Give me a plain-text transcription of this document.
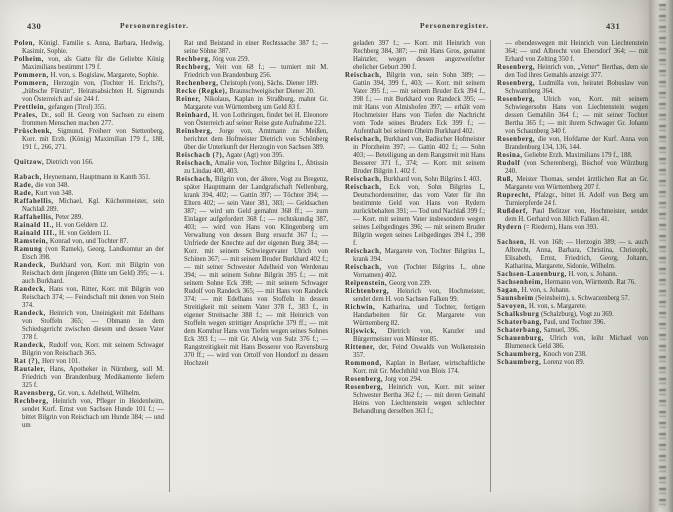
430	Personenregister.	Personenregister.	431
Polen, Königl. Familie s. Anna, Barbara, Hedwig, Kasimir, Sophie.
Polheim, von, als Gatte für die Geliebte König Maximilians bestimmt 179 f.
Pommern, H. von, s. Bogislaw, Margarete, Sophie.
Pommern, Herzogin von, (Tochter H. Erichs?), „hübsche Fürstin“, Heiratsabsichten H. Sigmunds von Österreich auf sie 244 f.
Prettlein, gefangen (Tirol) 355.
Prales, Dr., soll H. Georg von Sachsen zu einem frommen Menschen machen 277.
Prüschenk, Sigmund, Freiherr von Stettenberg, Korr. mit Erzh. (König) Maximilian 179 f., 188, 191 f., 266, 271.
Quitzow, Dietrich von 166.
Rabach, Heynemann, Hauptmann in Kanth 351.
Rade, die von 348.
Rade, Kurt von 348.
Raffahellis, Michael, Kgl. Küchenmeister, sein Nachlaß 289.
Raffahellis, Peter 289.
Rainald II., H. von Geldern 12.
Rainald III., H. von Geldern 11.
Ramstein, Konrad von, und Tochter 87.
Ramung (von Ramek), Georg, Landkomtur an der Etsch 398.
Randeck, Burkhard von, Korr. mit Bilgrin von Reischach dem jüngeren (Bitte um Geld) 395; — s. auch Burkhard.
Randeck, Hans von, Ritter, Korr. mit Bilgrin von Reischach 374; — Feindschaft mit denen von Stein 374.
Randeck, Heinrich von, Uneinigkeit mit Edelhans von Stoffeln 365; — Obmann in dem Schiedsgericht zwischen diesem und dessen Vater 378 f.
Randeck, Rudolf von, Korr. mit seinem Schwager Bilgrin von Reischach 365.
Rat (?), Herr von 101.
Rautaler, Hans, Apotheker in Nürnberg, soll M. Friedrich von Brandenburg Medikamente liefern 325 f.
Ravensberg, Gr. von, s. Adelheid, Wilhelm.
Rechberg, Heinrich von, Pfleger in Heidenheim, sendet Kurf. Ernst von Sachsen Hunde 101 f.; — bittet Bilgrin von Reischach um Hunde 384; — und um
Rat und Beistand in einer Rechtssache 387 f.; — seine Söhne 387.
Rechberg, Jörg von 259.
Rechberg, Veit von 68 f.; — turniert mit M. Friedrich von Brandenburg 256.
Rechenberg, Christoph (von), Sächs. Diener 189.
Recke (Regke), Braunschweigischer Diener 20.
Reiner, Nikolaus, Kaplan in Straßburg, mahnt Gr. Margarete von Württemberg um Geld 83 f.
Reinhard, H. von Lothringen, findet bei H. Eleonore von Österreich auf seiner Reise gute Aufnahme 221.
Reinsberg, Jorge von, Amtmann zu Meißen, berichtet dem Hofmeister Dietrich von Schönberg über die Unterkunft der Herzogin von Sachsen 389.
Reischach (?), Agate (Agt) von 395.
Reischach, Amalie von, Tochter Bilgrins I., Äbtissin zu Lindau 400, 403.
Reischach, Bilgrin von, der ältere, Vogt zu Bregenz, später Hauptmann der Landgrafschaft Nellenburg, krank 394, 402; — Gattin 397; — Töchter 394; — Eltern 402; — sein Vater 381, 383; — Geldsachen 387; — wird um Geld gemahnt 368 ff.; — zum Einlager aufgefordert 368 f.; — rechtskundig 387, 403; — wird von Hans von Klingenberg um Verwaltung von dessen Burg ersucht 367 f.; — Unfriede der Knechte auf der eigenen Burg 384; — Korr. mit seinem Schwiegervater Ulrich von Schinen 367; — mit seinem Bruder Burkhard 402 f.; — mit seiner Schwester Adelheid von Werdenau 394; — mit seinem Sohne Bilgrin 395 f.; — mit seinem Sohne Eck 398; — mit seinem Schwager Rudolf von Randeck 365; — mit Hans von Randeck 374; — mit Edelhans von Stoffeln in dessen Streitigkeit mit seinem Vater 378 f., 383 f., in eigener Streitsache 388 f.; — mit Heinrich von Stoffeln wegen strittiger Ansprüche 379 ff.; — mit dem Komthur Hans von Tiefen wegen seines Sohnes Eck 393 f.; — mit Gr. Alwig von Sulz 376 f.; — Rangstreitigkeit mit Hans Besserer von Ravensburg 370 ff.; — wird von Ortolf von Hondorf zu dessen Hochzeit
geladen 397 f.; — Korr. mit Heinrich von Rechberg 384, 387; — mit Hans Gros, genannt Hainzler, wegen dessen angezweifelter ehelicher Geburt 390 f.
Reischach, Bilgrin von, sein Sohn 389; — Gattin 394, 399 f., 403; — Korr. mit seinem Vater 395 f.; — mit seinem Bruder Eck 394 f., 398 f.; — mit Burkhard von Randeck 395; — mit Hans von Almishofen 397; — erhält vom Hochmeister Hans von Tiefen die Nachricht vom Tode seines Bruders Eck 399 f.; — Aufenthalt bei seinem Oheim Burkhard 402.
Reischach, Burkhard von, Badischer Hofmeister in Pforzheim 397; — Gattin 402 f.; — Sohn 403; — Beteiligung an dem Rangstreit mit Hans Besserer 371 f., 374; — Korr. mit seinem Bruder Bilgrin I. 402 f.
Reischach, Burkhard von, Sohn Bilgrins I. 403.
Reischach, Eck von, Sohn Bilgrins I., Deutschordensritter, das vom Vater für ihn bestimmte Geld von Hans von Rydern zurückbehalten 391; — Tod und Nachlaß 399 f.; — Korr. mit seinem Vater insbesondere wegen seines Leibgedinges 396; — mit seinem Bruder Bilgrin wegen seines Leibgedinges 394 f., 398 f.
Reischach, Margarete von, Tochter Bilgrins I., krank 394.
Reischach, von (Tochter Bilgrins I., ohne Vornamen) 402.
Reipenstein, Georg von 239.
Richtenberg, Heinrich von, Hochmeister, sendet dem H. von Sachsen Falken 99.
Richwin, Katharina, und Tochter, fertigen Handarbeiten für Gr. Margarete von Württemberg 82.
Rijswick, Dietrich von, Kanzler und Bürgermeister von Münster 85.
Rittener, der, Feind Oswalds von Wolkenstein 357.
Rommond, Kaplan in Berlaer, wirtschaftliche Korr. mit Gr. Mechthild von Blois 174.
Rosenberg, Jorg von 294.
Rosenberg, Heinrich von, Korr. mit seiner Schwester Bertha 362 f.; — mit deren Gemahl Heins von Liechtenstein wegen schlechter Behandlung derselben 363 f.;
— ebendeswegen mit Heinrich von Liechtenstein 364; — und Albrecht von Ebersdorf 364; — mit Erhard von Zelting 350 f.
Rosenberg, Heinrich von, „Vetter“ Berthas, dem sie den Tod ihres Gemahls anzeigt 377.
Rosenberg, Ludmilla von, heiratet Bohuslaw von Schwamberg 364.
Rosenberg, Ulrich von, Korr. mit seinem Schwiegersohn Hans von Liechtenstein wegen dessen Gemahlin 364 f.; — mit seiner Tochter Bertha 365 f.; — mit ihrem Schwager Gr. Johann von Schaunberg 340 f.
Rosenberg, die von, Hofdame der Kurf. Anna von Brandenburg 134, 136, 144.
Rosina, Geliebte Erzh. Maximilians 179 f., 188.
Rudolf (von Scherenberg), Bischof von Würzburg 240.
Ruß, Meister Thomas, sendet ärztlichen Rat an Gr. Margarete von Württemberg 207 f.
Ruprecht, Pfalzgr., bittet H. Adolf von Berg um Turnierpferde 24 f.
Rußdorf, Paul Belitzer von, Hochmeister, sendet dem H. Gerhard von Jülich Falken 41.
Rydern (= Riedern), Hans von 393.
Sachsen, H. von 168; — Herzogin 389; — s. auch Albrecht, Anna, Barbara, Christina, Christoph, Elisabeth, Ernst, Friedrich, Georg, Johann, Katharina, Margarete, Sidonie, Wilhelm.
Sachsen-Lauenburg, H. von, s. Johann.
Sachsenheim, Hermann von, Württemb. Rat 76.
Sagan, H. von, s. Johann.
Saunsheim (Seinsheim), s. Schwarzenberg 57.
Savoyen, H. von, s. Margarete.
Schalksburg (Schalzburg), Vogt zu 369.
Schaterbang, Paul, und Tochter 396.
Schaterbang, Samuel, 396.
Schauenburg, Ulrich von, leiht Michael von Blumeneck Geld 386.
Schaumberg, Knoch von 238.
Schaumberg, Lorenz von 89.
